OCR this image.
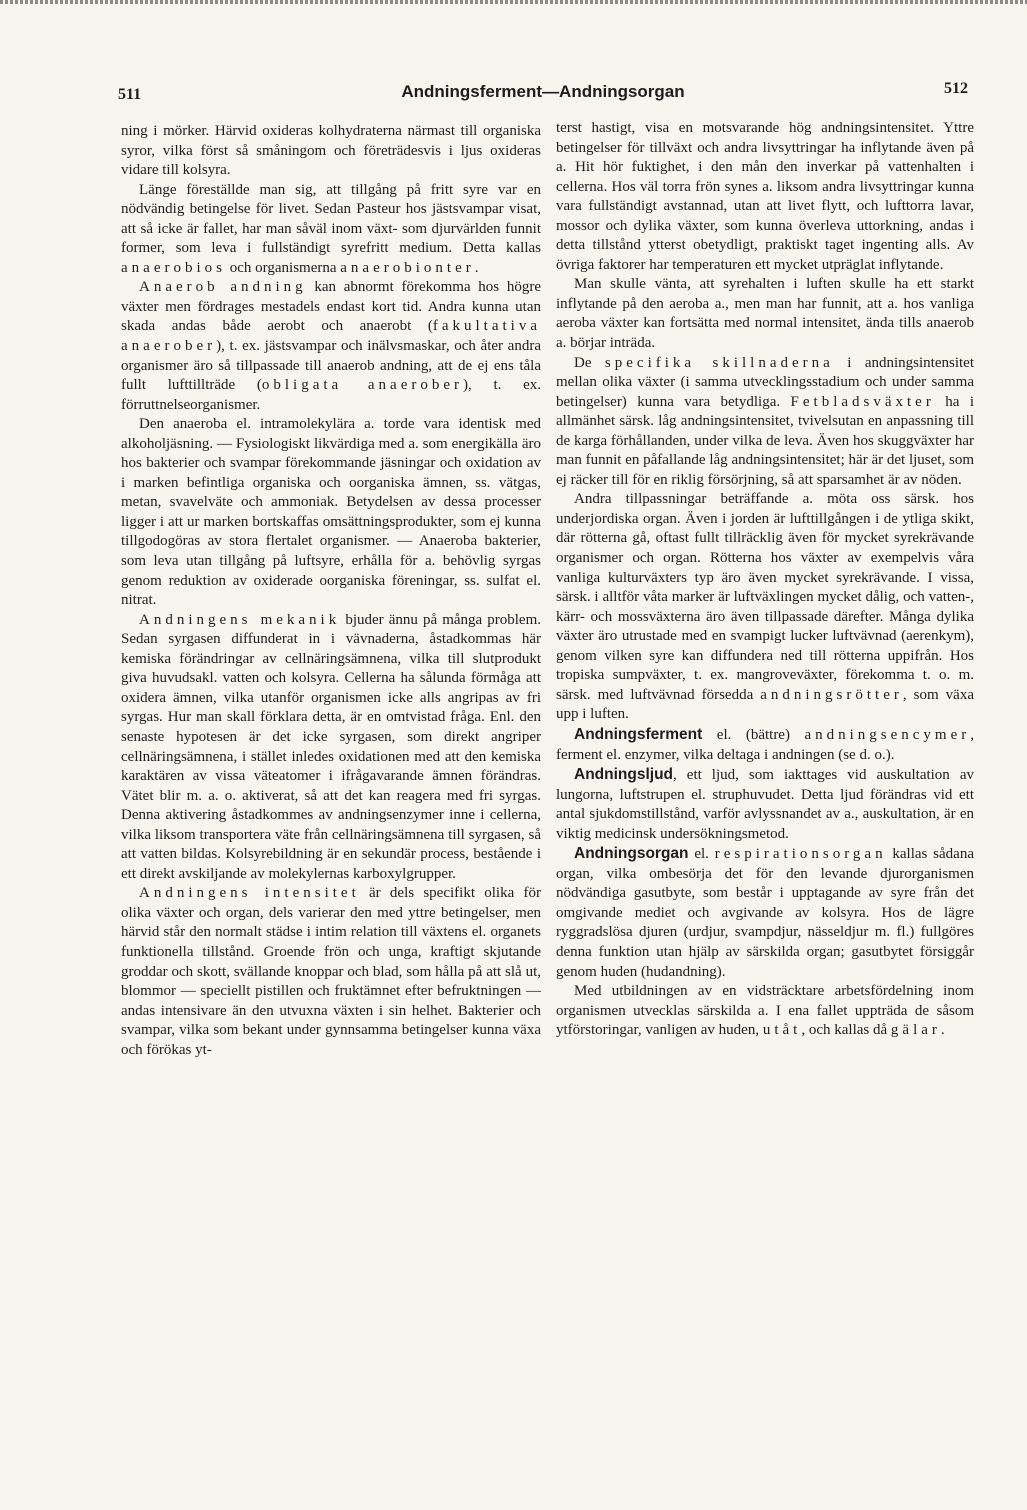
511	Andningsferment—Andningsorgan	512

ning i mörker. Härvid oxideras kolhydraterna närmast till organiska syror, vilka först så småningom och företrädesvis i ljus oxideras vidare till kolsyra.

Länge föreställde man sig, att tillgång på fritt syre var en nödvändig betingelse för livet. Sedan Pasteur hos jästsvampar visat, att så icke är fallet, har man såväl inom växt- som djurvärlden funnit former, som leva i fullständigt syrefritt medium. Detta kallas anaerobios och organismerna anaerobionter.

Anaerob andning kan abnormt förekomma hos högre växter men fördrages mestadels endast kort tid. Andra kunna utan skada andas både aerobt och anaerobt (fakultativa anaerober), t. ex. jästsvampar och inälvsmaskar, och åter andra organismer äro så tillpassade till anaerob andning, att de ej ens tåla fullt lufttillträde (obligata anaerober), t. ex. förruttnelseorganismer.

Den anaeroba el. intramolekylära a. torde vara identisk med alkoholjäsning. — Fysiologiskt likvärdiga med a. som energikälla äro hos bakterier och svampar förekommande jäsningar och oxidation av i marken befintliga organiska och oorganiska ämnen, ss. vätgas, metan, svavelväte och ammoniak. Betydelsen av dessa processer ligger i att ur marken bortskaffas omsättningsprodukter, som ej kunna tillgodogöras av stora flertalet organismer. — Anaeroba bakterier, som leva utan tillgång på luftsyre, erhålla för a. behövlig syrgas genom reduktion av oxiderade oorganiska föreningar, ss. sulfat el. nitrat.

Andningens mekanik bjuder ännu på många problem. Sedan syrgasen diffunderat in i vävnaderna, åstadkommas här kemiska förändringar av cellnäringsämnena, vilka till slutprodukt giva huvudsakl. vatten och kolsyra. Cellerna ha sålunda förmåga att oxidera ämnen, vilka utanför organismen icke alls angripas av fri syrgas. Hur man skall förklara detta, är en omtvistad fråga. Enl. den senaste hypotesen är det icke syrgasen, som direkt angriper cellnäringsämnena, i stället inledes oxidationen med att den kemiska karaktären av vissa väteatomer i ifrågavarande ämnen förändras. Vätet blir m. a. o. aktiverat, så att det kan reagera med fri syrgas. Denna aktivering åstadkommes av andningsenzymer inne i cellerna, vilka liksom transportera väte från cellnäringsämnena till syrgasen, så att vatten bildas. Kolsyrebildning är en sekundär process, bestående i ett direkt avskiljande av molekylernas karboxylgrupper.

Andningens intensitet är dels specifikt olika för olika växter och organ, dels varierar den med yttre betingelser, men härvid står den normalt städse i intim relation till växtens el. organets funktionella tillstånd. Groende frön och unga, kraftigt skjutande groddar och skott, svällande knoppar och blad, som hålla på att slå ut, blommor — speciellt pistillen och fruktämnet efter befruktningen — andas intensivare än den utvuxna växten i sin helhet. Bakterier och svampar, vilka som bekant under gynnsamma betingelser kunna växa och förökas yt-

terst hastigt, visa en motsvarande hög andningsintensitet. Yttre betingelser för tillväxt och andra livsyttringar ha inflytande även på a. Hit hör fuktighet, i den mån den inverkar på vattenhalten i cellerna. Hos väl torra frön synes a. liksom andra livsyttringar kunna vara fullständigt avstannad, utan att livet flytt, och lufttorra lavar, mossor och dylika växter, som kunna överleva uttorkning, andas i detta tillstånd ytterst obetydligt, praktiskt taget ingenting alls. Av övriga faktorer har temperaturen ett mycket utpräglat inflytande.

Man skulle vänta, att syrehalten i luften skulle ha ett starkt inflytande på den aeroba a., men man har funnit, att a. hos vanliga aeroba växter kan fortsätta med normal intensitet, ända tills anaerob a. börjar inträda.

De specifika skillnaderna i andningsintensitet mellan olika växter (i samma utvecklingsstadium och under samma betingelser) kunna vara betydliga. Fetbladsväxter ha i allmänhet särsk. låg andningsintensitet, tvivelsutan en anpassning till de karga förhållanden, under vilka de leva. Även hos skuggväxter har man funnit en påfallande låg andningsintensitet; här är det ljuset, som ej räcker till för en riklig försörjning, så att sparsamhet är av nöden.

Andra tillpassningar beträffande a. möta oss särsk. hos underjordiska organ. Även i jorden är lufttillgången i de ytliga skikt, där rötterna gå, oftast fullt tillräcklig även för mycket syrekrävande organismer och organ. Rötterna hos växter av exempelvis våra vanliga kulturväxters typ äro även mycket syrekrävande. I vissa, särsk. i alltför våta marker är luftväxlingen mycket dålig, och vatten-, kärr- och mossväxterna äro även tillpassade därefter. Många dylika växter äro utrustade med en svampigt lucker luftvävnad (aerenkym), genom vilken syre kan diffundera ned till rötterna uppifrån. Hos tropiska sumpväxter, t. ex. mangroveväxter, förekomma t. o. m. särsk. med luftvävnad försedda andningsrötter, som växa upp i luften.

Andningsferment el. (bättre) andningsencymer, ferment el. enzymer, vilka deltaga i andningen (se d. o.).

Andningsljud, ett ljud, som iakttages vid auskultation av lungorna, luftstrupen el. struphuvudet. Detta ljud förändras vid ett antal sjukdomstillstånd, varför avlyssnandet av a., auskultation, är en viktig medicinsk undersökningsmetod.

Andningsorgan el. respirationsorgan kallas sådana organ, vilka ombesörja det för den levande djurorganismen nödvändiga gasutbyte, som består i upptagande av syre från det omgivande mediet och avgivande av kolsyra. Hos de lägre ryggradslösa djuren (urdjur, svampdjur, nässeldjur m. fl.) fullgöres denna funktion utan hjälp av särskilda organ; gasutbytet försiggår genom huden (hudandning).

Med utbildningen av en vidsträcktare arbetsfördelning inom organismen utvecklas särskilda a. I ena fallet uppträda de såsom ytförstoringar, vanligen av huden, utåt, och kallas då gälar.
